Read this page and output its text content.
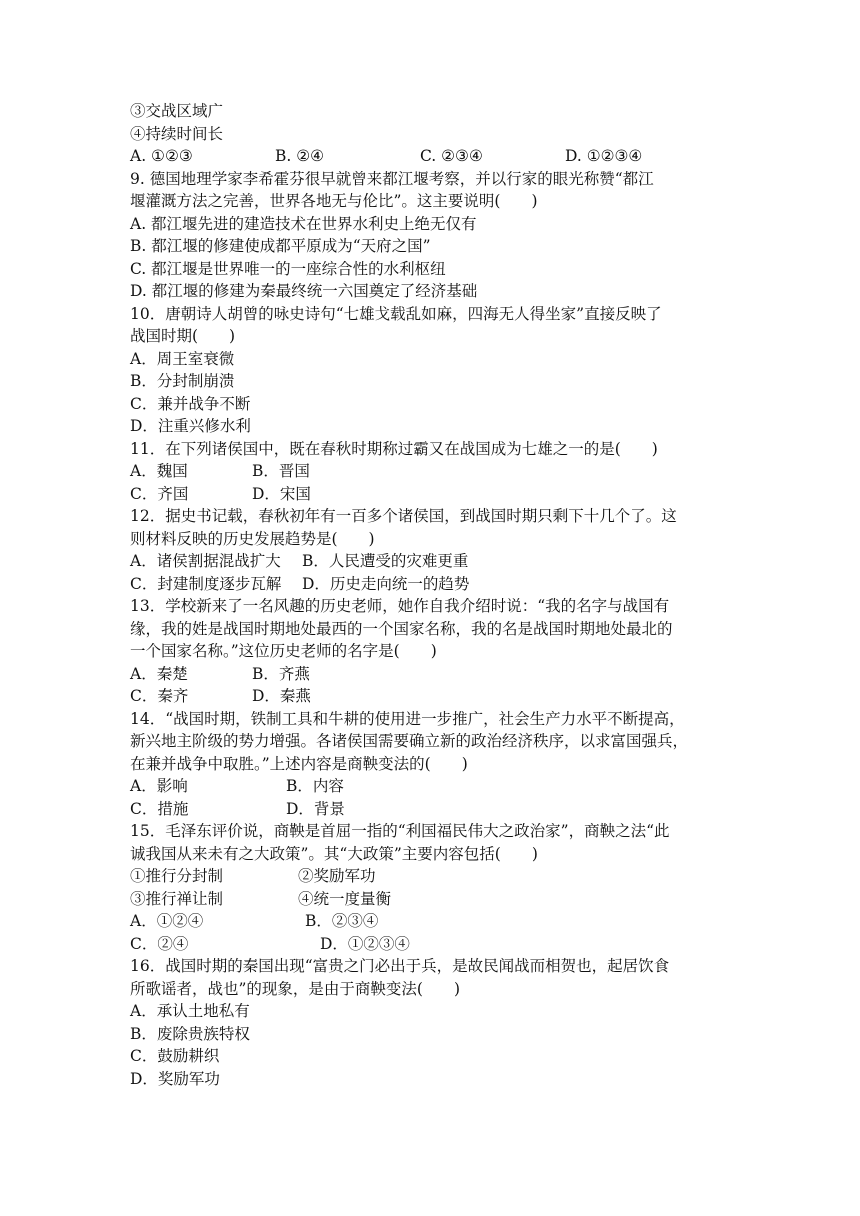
③交战区域广
④持续时间长
A. ①②③	B. ②④	C. ②③④	D. ①②③④
9. 德国地理学家李希霍芬很早就曾来都江堰考察，并以行家的眼光称赞“都江
堰灌溉方法之完善，世界各地无与伦比”。这主要说明(　　)
A. 都江堰先进的建造技术在世界水利史上绝无仅有
B. 都江堰的修建使成都平原成为“天府之国”
C. 都江堰是世界唯一的一座综合性的水利枢纽
D. 都江堰的修建为秦最终统一六国奠定了经济基础
10．唐朝诗人胡曾的咏史诗句“七雄戈载乱如麻，四海无人得坐家”直接反映了
战国时期(　　)
A．周王室衰微
B．分封制崩溃
C．兼并战争不断
D．注重兴修水利
11．在下列诸侯国中，既在春秋时期称过霸又在战国成为七雄之一的是(　　)
A．魏国	B．晋国
C．齐国	D．宋国
12．据史书记载，春秋初年有一百多个诸侯国，到战国时期只剩下十几个了。这
则材料反映的历史发展趋势是(　　)
A．诸侯割据混战扩大	B．人民遭受的灾难更重
C．封建制度逐步瓦解	D．历史走向统一的趋势
13．学校新来了一名风趣的历史老师，她作自我介绍时说：“我的名字与战国有
缘，我的姓是战国时期地处最西的一个国家名称，我的名是战国时期地处最北的
一个国家名称。”这位历史老师的名字是(　　)
A．秦楚	B．齐燕
C．秦齐	D．秦燕
14．“战国时期，铁制工具和牛耕的使用进一步推广，社会生产力水平不断提高，
新兴地主阶级的势力增强。各诸侯国需要确立新的政治经济秩序，以求富国强兵，
在兼并战争中取胜。”上述内容是商鞅变法的(　　)
A．影响	B．内容
C．措施	D．背景
15．毛泽东评价说，商鞅是首屈一指的“利国福民伟大之政治家”，商鞅之法“此
诚我国从来未有之大政策”。其“大政策”主要内容包括(　　)
①推行分封制	②奖励军功
③推行禅让制	④统一度量衡
A．①②④	B．②③④
C．②④	D．①②③④
16．战国时期的秦国出现“富贵之门必出于兵，是故民闻战而相贺也，起居饮食
所歌谣者，战也”的现象，是由于商鞅变法(　　)
A．承认土地私有
B．废除贵族特权
C．鼓励耕织
D．奖励军功
